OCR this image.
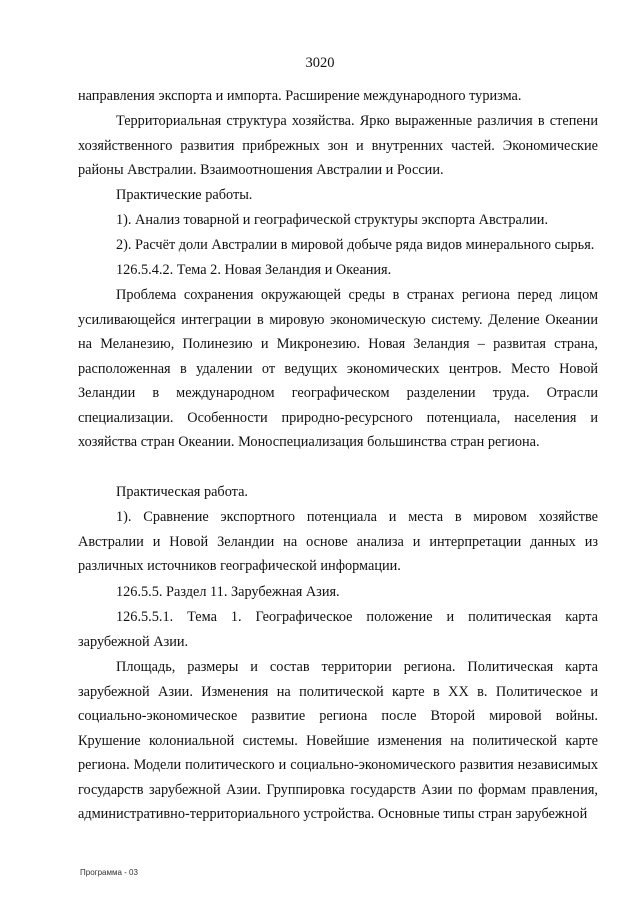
3020

направления экспорта и импорта. Расширение международного туризма.

Территориальная структура хозяйства. Ярко выраженные различия в степени хозяйственного развития прибрежных зон и внутренних частей. Экономические районы Австралии. Взаимоотношения Австралии и России.

Практические работы.

1). Анализ товарной и географической структуры экспорта Австралии.

2). Расчёт доли Австралии в мировой добыче ряда видов минерального сырья.

126.5.4.2. Тема 2. Новая Зеландия и Океания.

Проблема сохранения окружающей среды в странах региона перед лицом усиливающейся интеграции в мировую экономическую систему. Деление Океании на Меланезию, Полинезию и Микронезию. Новая Зеландия – развитая страна, расположенная в удалении от ведущих экономических центров. Место Новой Зеландии в международном географическом разделении труда. Отрасли специализации. Особенности природно-ресурсного потенциала, населения и хозяйства стран Океании. Моноспециализация большинства стран региона.

Практическая работа.

1). Сравнение экспортного потенциала и места в мировом хозяйстве Австралии и Новой Зеландии на основе анализа и интерпретации данных из различных источников географической информации.

126.5.5. Раздел 11. Зарубежная Азия.

126.5.5.1. Тема 1. Географическое положение и политическая карта зарубежной Азии.

Площадь, размеры и состав территории региона. Политическая карта зарубежной Азии. Изменения на политической карте в XX в. Политическое и социально-экономическое развитие региона после Второй мировой войны. Крушение колониальной системы. Новейшие изменения на политической карте региона. Модели политического и социально-экономического развития независимых государств зарубежной Азии. Группировка государств Азии по формам правления, административно-территориального устройства. Основные типы стран зарубежной

Программа - 03
